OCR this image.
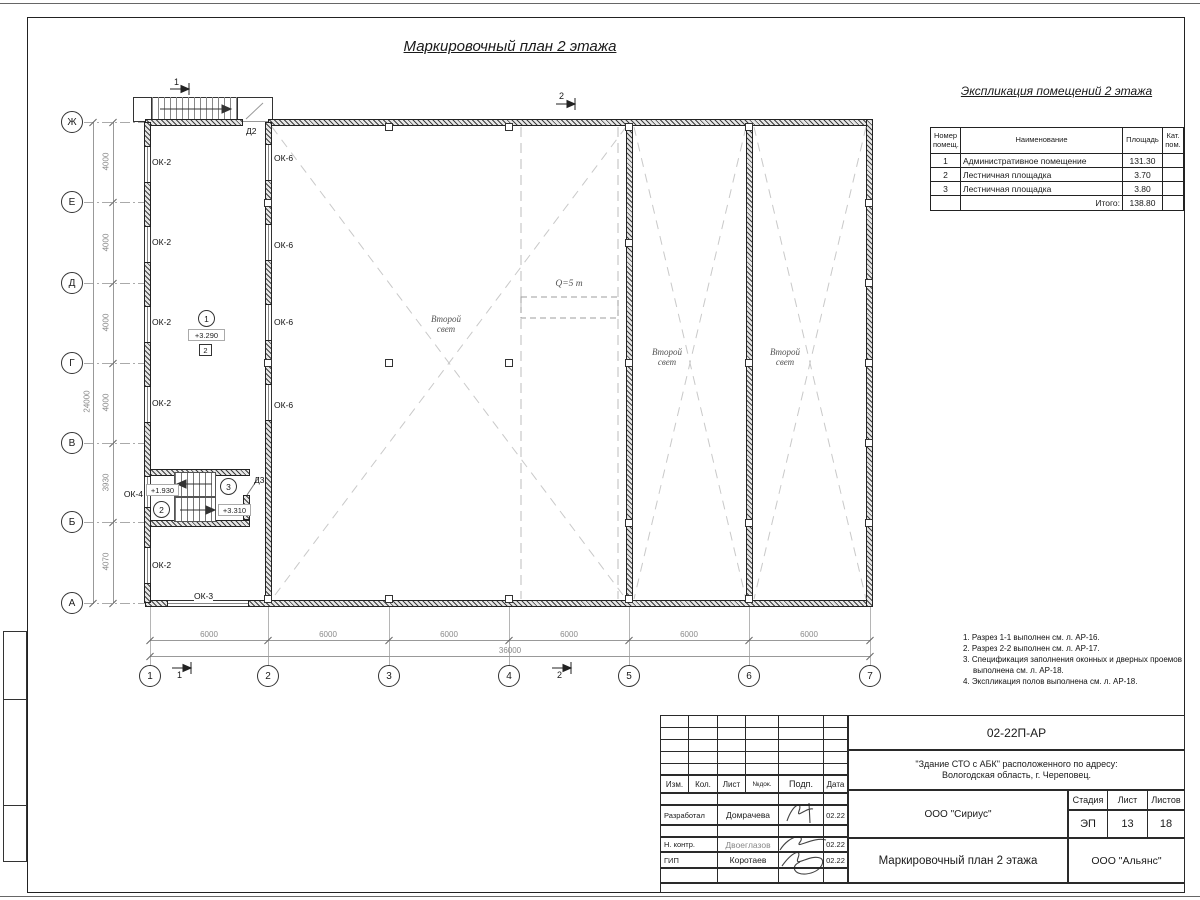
Маркировочный план 2 этажа
Ж
Е
Д
Г
В
Б
А
4000
4000
4000
4000
3930
4070
24000
1	2	3	4	5	6	7
6000	6000	6000	6000	6000	6000
36000
+1.930
+3.310
2
3
Д3
1
+3.290
2
ОК-2
ОК-2
ОК-2
ОК-2
ОК-2
ОК-4
ОК-3
ОК-6
ОК-6
ОК-6
ОК-6
Д2
Q=5 т
Второй
свет
Второй
свет
Второй
свет
1
2
1	2
Экспликация помещений 2 этажа
Номер помещ.	Наименование	Площадь	Кат. пом.
1	Административное помещение	131.30	
2	Лестничная площадка	3.70	
3	Лестничная площадка	3.80	
	Итого:	138.80	
1. Разрез 1-1 выполнен см. л. АР-16.
2. Разрез 2-2 выполнен см. л. АР-17.
3. Спецификация заполнения оконных и дверных проемов выполнена см. л. АР-18.
4. Экспликация полов выполнена см. л. АР-18.
Изм.	Кол.	Лист	№док.	Подп.	Дата
Разработал	Домрачева	02.22
Н. контр.	Двоеглазов	02.22
ГИП	Коротаев	02.22
02-22П-АР
"Здание СТО с АБК" расположенного по адресу:
Вологодская область, г. Череповец.
ООО "Сириус"
Стадия	Лист	Листов
ЭП	13	18
Маркировочный план 2 этажа	ООО "Альянс"
